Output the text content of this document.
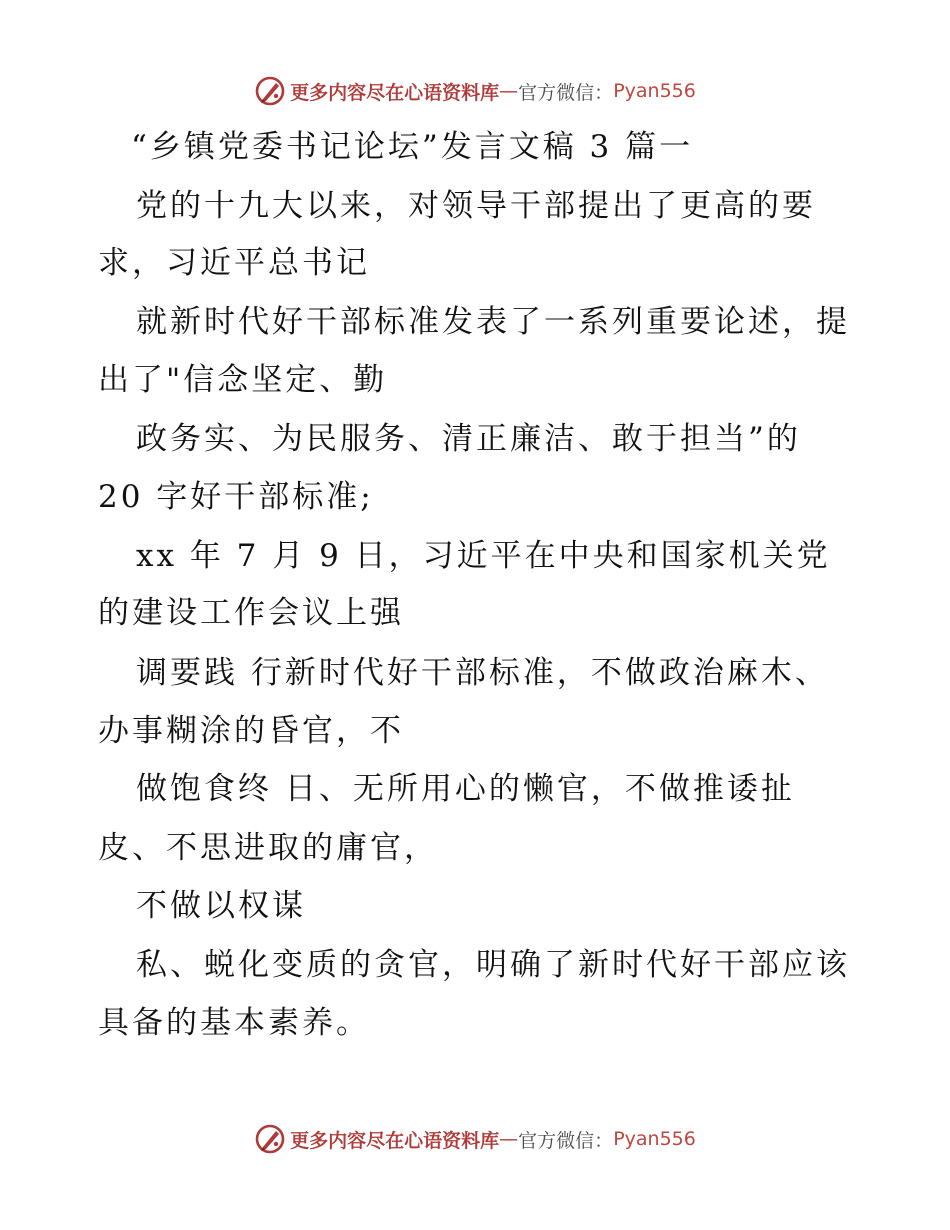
更多内容尽在心语资料库 — 官方微信： Pyan556
“乡镇党委书记论坛”发言文稿 3 篇一
党的十九大以来，对领导干部提出了更高的要
求，习近平总书记
就新时代好干部标准发表了一系列重要论述，提
出了"信念坚定、勤
政务实、为民服务、清正廉洁、敢于担当”的
20 字好干部标准;
xx 年 7 月 9 日，习近平在中央和国家机关党
的建设工作会议上强
调要践 行新时代好干部标准，不做政治麻木、
办事糊涂的昏官，不
做饱食终 日、无所用心的懒官，不做推诿扯
皮、不思进取的庸官，
不做以权谋
私、蜕化变质的贪官，明确了新时代好干部应该
具备的基本素养。
更多内容尽在心语资料库 — 官方微信： Pyan556
